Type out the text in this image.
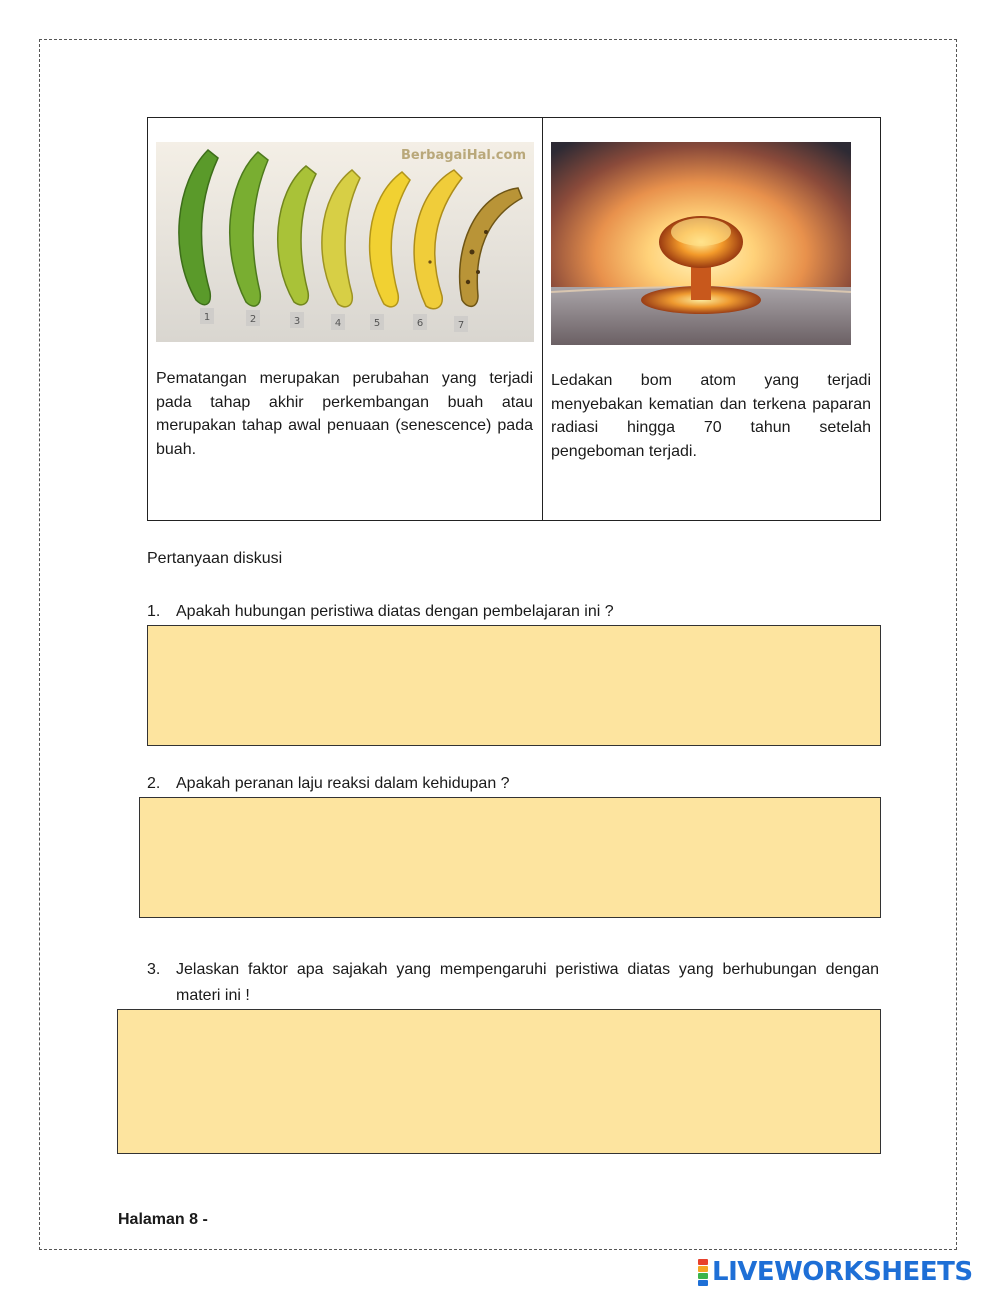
BerbagaiHal.com
1	2	3	4	5	6	7
Pematangan merupakan perubahan yang terjadi pada tahap akhir perkembangan buah atau merupakan tahap awal penuaan (senescence) pada buah.
Ledakan bom atom yang terjadi menyebakan kematian dan terkena paparan radiasi hingga 70 tahun setelah pengeboman terjadi.
Pertanyaan diskusi
1. Apakah hubungan peristiwa diatas dengan pembelajaran ini ?
2. Apakah peranan laju reaksi dalam kehidupan ?
3. Jelaskan faktor apa sajakah yang mempengaruhi peristiwa diatas yang berhubungan dengan materi ini !
Halaman 8 -
LIVEWORKSHEETS
